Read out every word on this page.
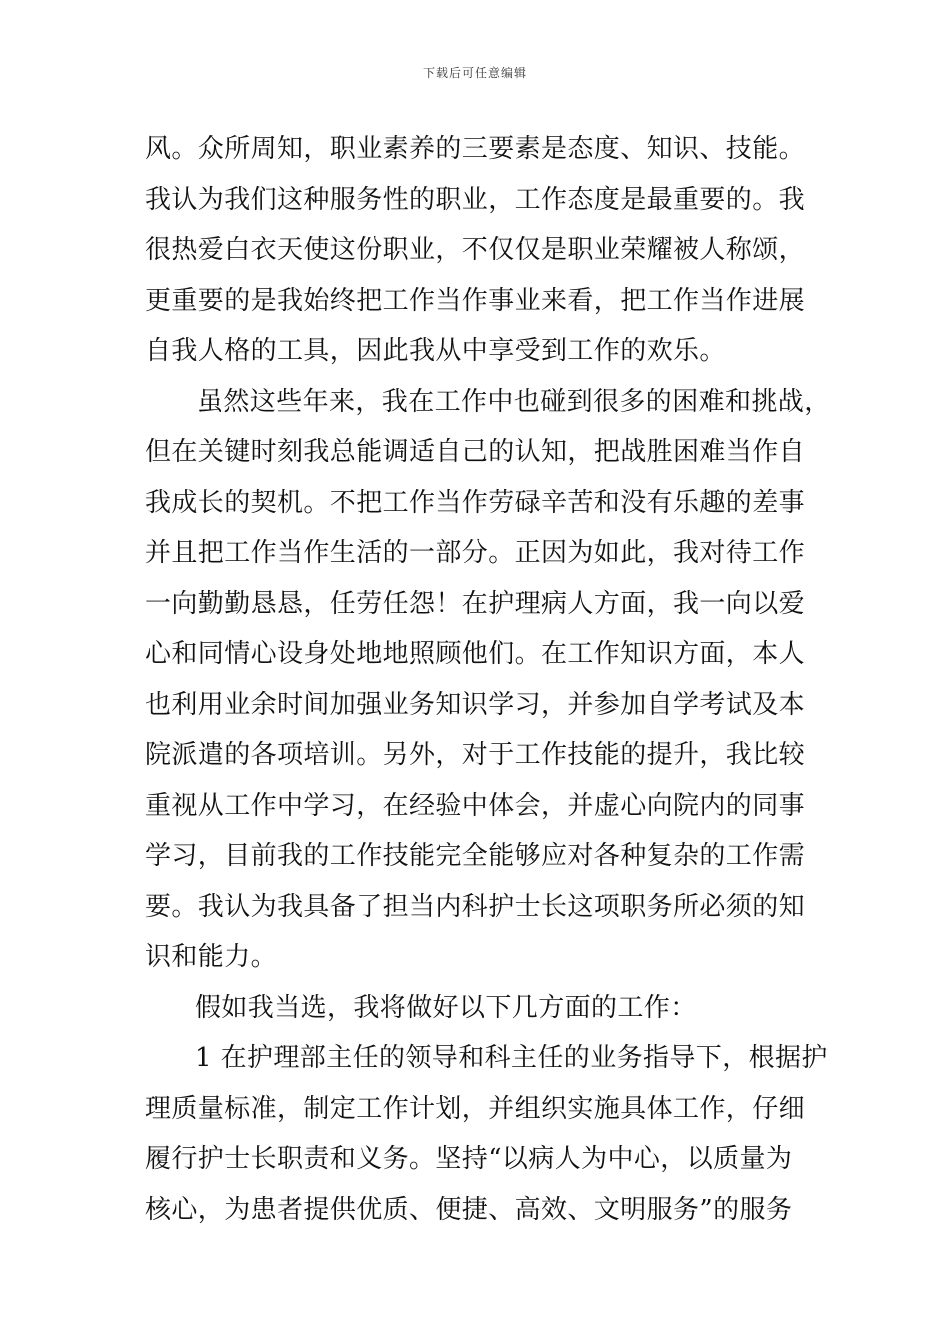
下载后可任意编辑
风。众所周知，职业素养的三要素是态度、知识、技能。
我认为我们这种服务性的职业，工作态度是最重要的。我
很热爱白衣天使这份职业，不仅仅是职业荣耀被人称颂，
更重要的是我始终把工作当作事业来看，把工作当作进展
自我人格的工具，因此我从中享受到工作的欢乐。
虽然这些年来，我在工作中也碰到很多的困难和挑战，
但在关键时刻我总能调适自己的认知，把战胜困难当作自
我成长的契机。不把工作当作劳碌辛苦和没有乐趣的差事
并且把工作当作生活的一部分。正因为如此，我对待工作
一向勤勤恳恳，任劳任怨！在护理病人方面，我一向以爱
心和同情心设身处地地照顾他们。在工作知识方面，本人
也利用业余时间加强业务知识学习，并参加自学考试及本
院派遣的各项培训。另外，对于工作技能的提升，我比较
重视从工作中学习，在经验中体会，并虚心向院内的同事
学习，目前我的工作技能完全能够应对各种复杂的工作需
要。我认为我具备了担当内科护士长这项职务所必须的知
识和能力。
假如我当选，我将做好以下几方面的工作：
1 在护理部主任的领导和科主任的业务指导下，根据护
理质量标准，制定工作计划，并组织实施具体工作，仔细
履行护士长职责和义务。坚持“以病人为中心，以质量为
核心，为患者提供优质、便捷、高效、文明服务”的服务
